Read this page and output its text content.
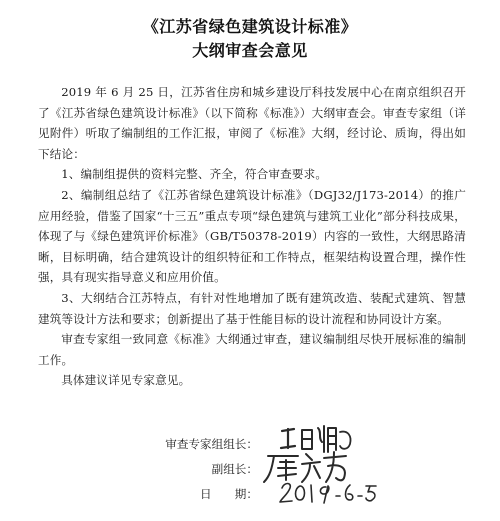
《江苏省绿色建筑设计标准》
大纲审查会意见

2019 年 6 月 25 日，江苏省住房和城乡建设厅科技发展中心在南京组织召开了《江苏省绿色建筑设计标准》（以下简称《标准》）大纲审查会。审查专家组（详见附件）听取了编制组的工作汇报，审阅了《标准》大纲，经讨论、质询，得出如下结论：

1、编制组提供的资料完整、齐全，符合审查要求。

2、编制组总结了《江苏省绿色建筑设计标准》（DGJ32/J173-2014）的推广应用经验，借鉴了国家“十三五”重点专项“绿色建筑与建筑工业化”部分科技成果，体现了与《绿色建筑评价标准》（GB/T50378-2019）内容的一致性，大纲思路清晰，目标明确，结合建筑设计的组织特征和工作特点，框架结构设置合理，操作性强，具有现实指导意义和应用价值。

3、大纲结合江苏特点，有针对性地增加了既有建筑改造、装配式建筑、智慧建筑等设计方法和要求；创新提出了基于性能目标的设计流程和协同设计方案。

审查专家组一致同意《标准》大纲通过审查，建议编制组尽快开展标准的编制工作。

具体建议详见专家意见。

审查专家组组长：
副组长：
日　　期：
